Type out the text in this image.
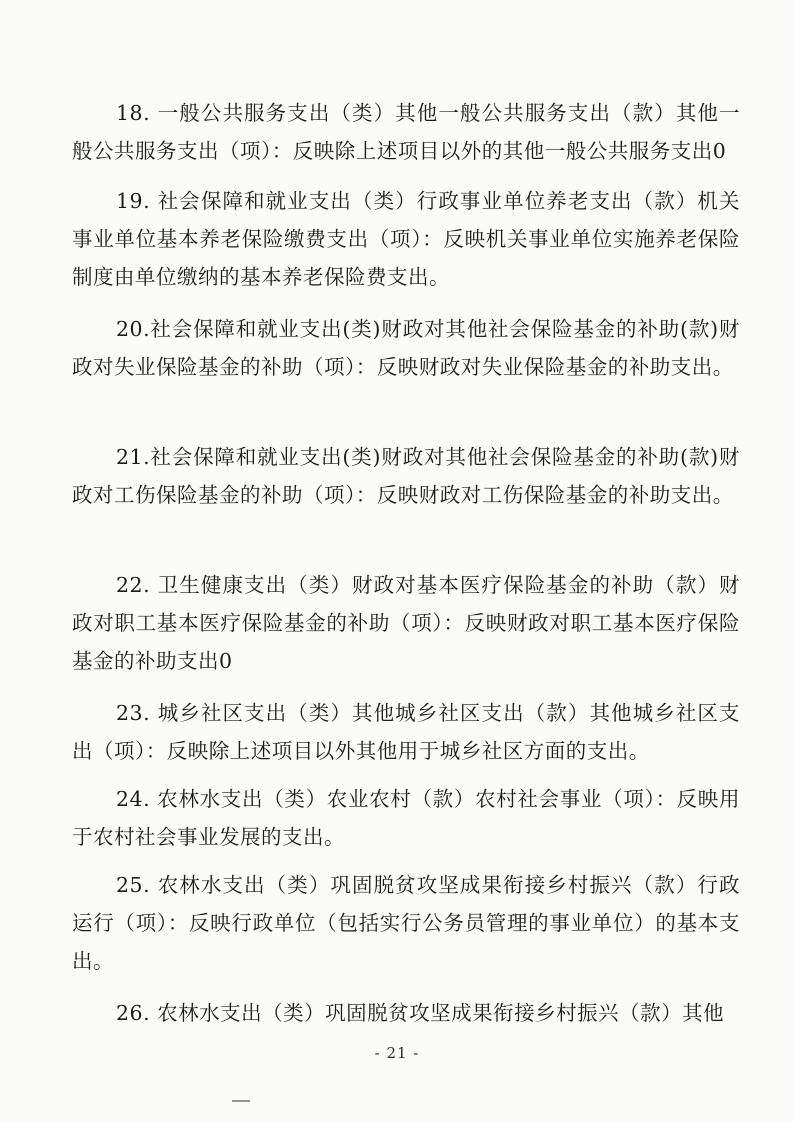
18. 一般公共服务支出（类）其他一般公共服务支出（款）其他一般公共服务支出（项）：反映除上述项目以外的其他一般公共服务支出0

19. 社会保障和就业支出（类）行政事业单位养老支出（款）机关事业单位基本养老保险缴费支出（项）：反映机关事业单位实施养老保险制度由单位缴纳的基本养老保险费支出。

20.社会保障和就业支出(类)财政对其他社会保险基金的补助(款)财政对失业保险基金的补助（项）：反映财政对失业保险基金的补助支出。

21.社会保障和就业支出(类)财政对其他社会保险基金的补助(款)财政对工伤保险基金的补助（项）：反映财政对工伤保险基金的补助支出。

22. 卫生健康支出（类）财政对基本医疗保险基金的补助（款）财政对职工基本医疗保险基金的补助（项）：反映财政对职工基本医疗保险基金的补助支出0

23. 城乡社区支出（类）其他城乡社区支出（款）其他城乡社区支出（项）：反映除上述项目以外其他用于城乡社区方面的支出。

24. 农林水支出（类）农业农村（款）农村社会事业（项）：反映用于农村社会事业发展的支出。

25. 农林水支出（类）巩固脱贫攻坚成果衔接乡村振兴（款）行政运行（项）：反映行政单位（包括实行公务员管理的事业单位）的基本支出。

26. 农林水支出（类）巩固脱贫攻坚成果衔接乡村振兴（款）其他

- 21 -
